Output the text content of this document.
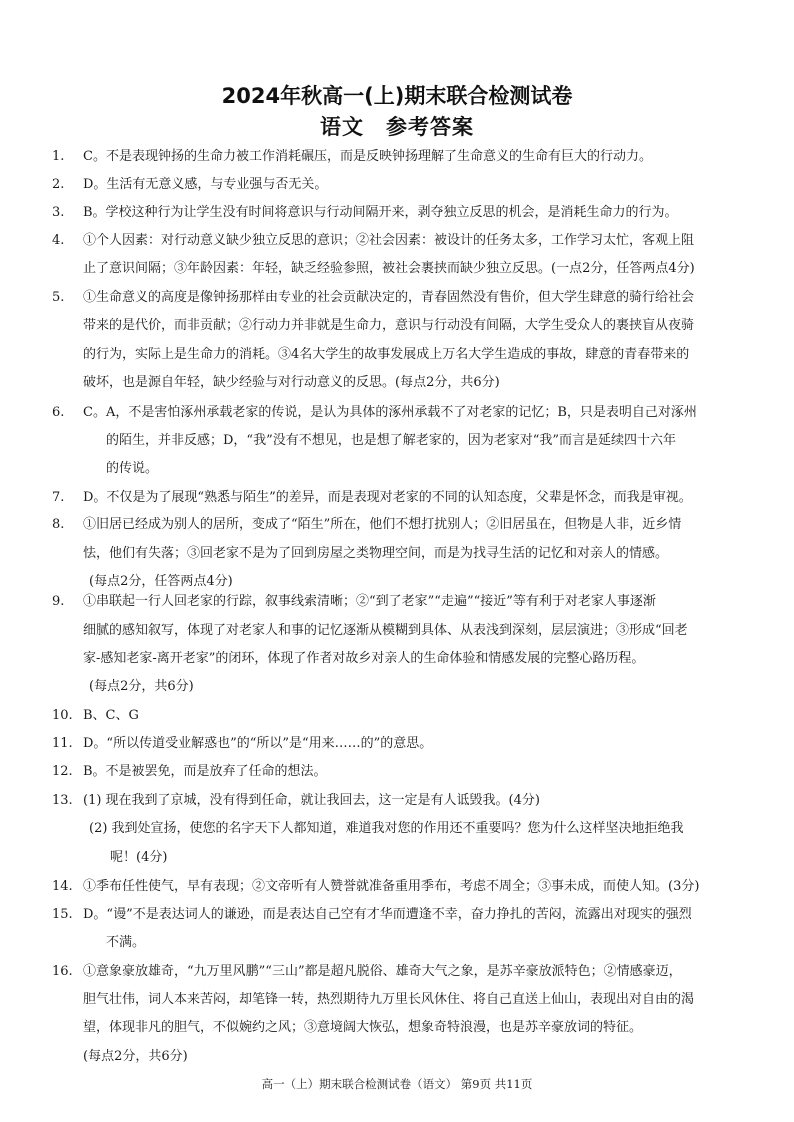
2024年秋高一(上)期末联合检测试卷
语文 参考答案
1. C。不是表现钟扬的生命力被工作消耗碾压，而是反映钟扬理解了生命意义的生命有巨大的行动力。
2. D。生活有无意义感，与专业强与否无关。
3. B。学校这种行为让学生没有时间将意识与行动间隔开来，剥夺独立反思的机会，是消耗生命力的行为。
4. ①个人因素：对行动意义缺少独立反思的意识；②社会因素：被设计的任务太多，工作学习太忙，客观上阻
止了意识间隔；③年龄因素：年轻，缺乏经验参照，被社会裹挟而缺少独立反思。(一点2分，任答两点4分)
5. ①生命意义的高度是像钟扬那样由专业的社会贡献决定的，青春固然没有售价，但大学生肆意的骑行给社会
带来的是代价，而非贡献；②行动力并非就是生命力，意识与行动没有间隔，大学生受众人的裹挟盲从夜骑
的行为，实际上是生命力的消耗。③4名大学生的故事发展成上万名大学生造成的事故，肆意的青春带来的
破坏，也是源自年轻，缺少经验与对行动意义的反思。(每点2分，共6分)
6. C。A，不是害怕涿州承载老家的传说，是认为具体的涿州承载不了对老家的记忆；B，只是表明自己对涿州
的陌生，并非反感；D，“我”没有不想见，也是想了解老家的，因为老家对“我”而言是延续四十六年
的传说。
7. D。不仅是为了展现“熟悉与陌生”的差异，而是表现对老家的不同的认知态度，父辈是怀念，而我是审视。
8. ①旧居已经成为别人的居所，变成了“陌生”所在，他们不想打扰别人；②旧居虽在，但物是人非，近乡情
怯，他们有失落；③回老家不是为了回到房屋之类物理空间，而是为找寻生活的记忆和对亲人的情感。
(每点2分，任答两点4分)
9. ①串联起一行人回老家的行踪，叙事线索清晰；②“到了老家”“走遍”“接近”等有利于对老家人事逐渐
细腻的感知叙写，体现了对老家人和事的记忆逐渐从模糊到具体、从表浅到深刻，层层演进；③形成“回老
家-感知老家-离开老家”的闭环，体现了作者对故乡对亲人的生命体验和情感发展的完整心路历程。
(每点2分，共6分)
10. B、C、G
11. D。“所以传道受业解惑也”的“所以”是“用来……的”的意思。
12. B。不是被罢免，而是放弃了任命的想法。
13. (1) 现在我到了京城，没有得到任命，就让我回去，这一定是有人诋毁我。(4分)
(2) 我到处宣扬，使您的名字天下人都知道，难道我对您的作用还不重要吗？您为什么这样坚决地拒绝我
呢！(4分)
14. ①季布任性使气，早有表现；②文帝听有人赞誉就准备重用季布，考虑不周全；③事未成，而使人知。(3分)
15. D。“谩”不是表达词人的谦逊，而是表达自己空有才华而遭逢不幸，奋力挣扎的苦闷，流露出对现实的强烈
不满。
16. ①意象豪放雄奇，“九万里风鹏”“三山”都是超凡脱俗、雄奇大气之象，是苏辛豪放派特色；②情感豪迈，
胆气壮伟，词人本来苦闷，却笔锋一转，热烈期待九万里长风休住、将自己直送上仙山，表现出对自由的渴
望，体现非凡的胆气，不似婉约之风；③意境阔大恢弘，想象奇特浪漫，也是苏辛豪放词的特征。
(每点2分，共6分)
高一（上）期末联合检测试卷（语文） 第9页 共11页
